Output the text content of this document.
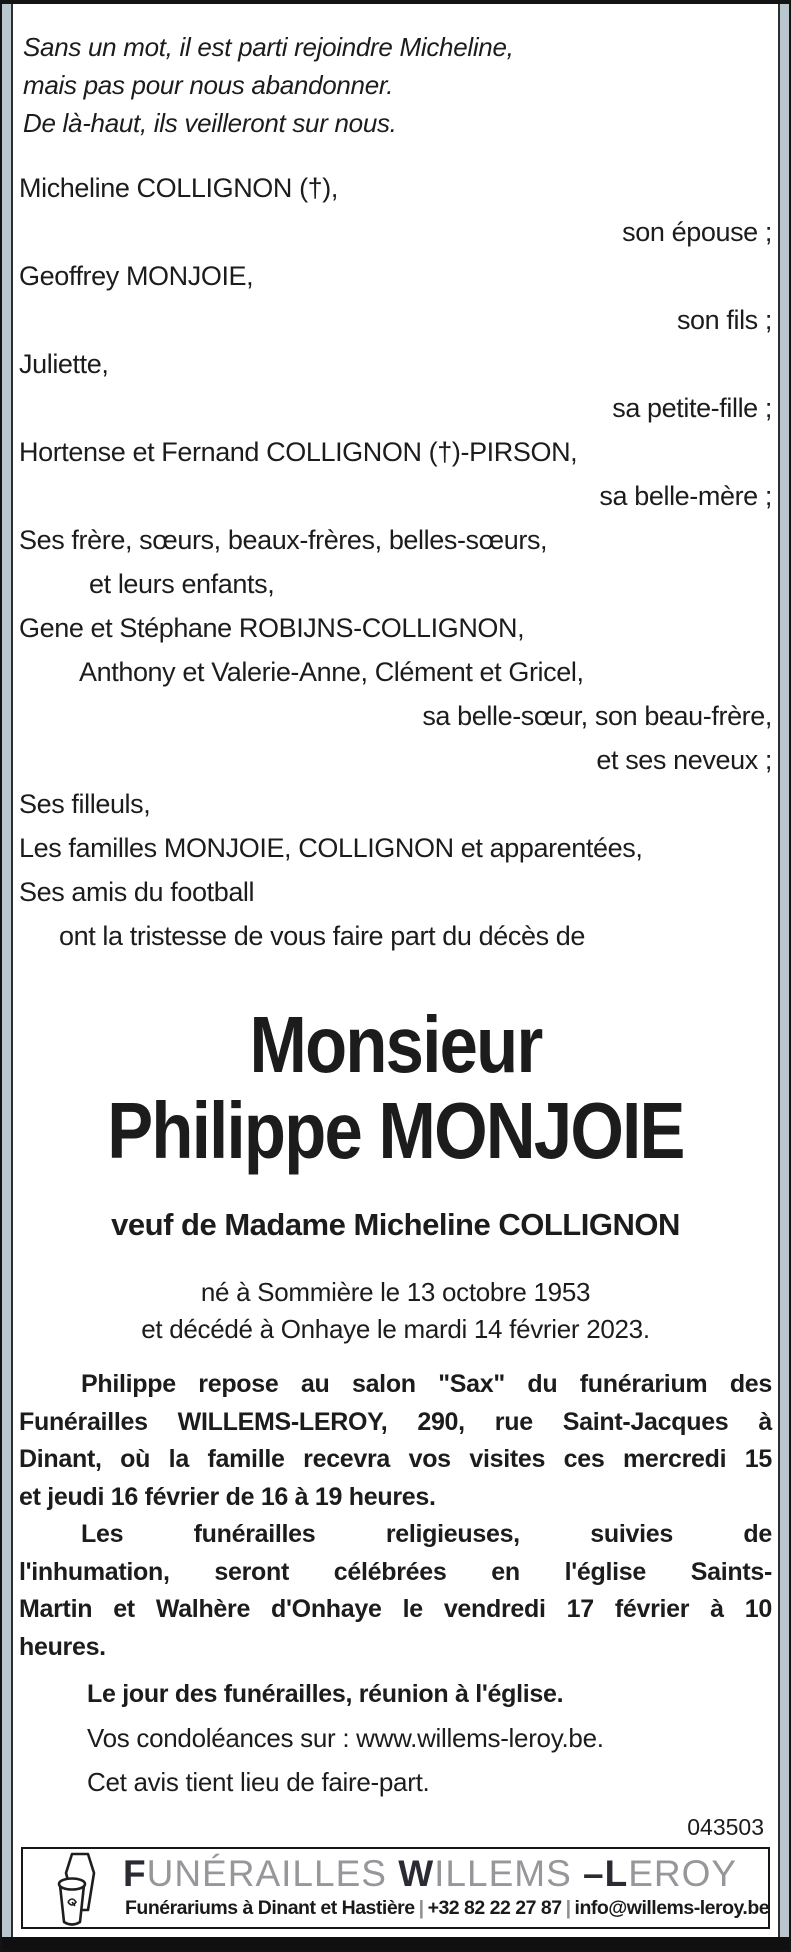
Sans un mot, il est parti rejoindre Micheline,
mais pas pour nous abandonner.
De là-haut, ils veilleront sur nous.
Micheline COLLIGNON (†),
son épouse ;
Geoffrey MONJOIE,
son fils ;
Juliette,
sa petite-fille ;
Hortense et Fernand COLLIGNON (†)-PIRSON,
sa belle-mère ;
Ses frère, sœurs, beaux-frères, belles-sœurs,
et leurs enfants,
Gene et Stéphane ROBIJNS-COLLIGNON,
Anthony et Valerie-Anne, Clément et Gricel,
sa belle-sœur, son beau-frère,
et ses neveux ;
Ses filleuls,
Les familles MONJOIE, COLLIGNON et apparentées,
Ses amis du football
ont la tristesse de vous faire part du décès de
Monsieur
Philippe MONJOIE
veuf de Madame Micheline COLLIGNON
né à Sommière le 13 octobre 1953
et décédé à Onhaye le mardi 14 février 2023.
Philippe repose au salon "Sax" du funérarium des
Funérailles WILLEMS-LEROY, 290, rue Saint-Jacques à
Dinant, où la famille recevra vos visites ces mercredi 15
et jeudi 16 février de 16 à 19 heures.
Les funérailles religieuses, suivies de
l'inhumation, seront célébrées en l'église Saints-
Martin et Walhère d'Onhaye le vendredi 17 février à 10
heures.
Le jour des funérailles, réunion à l'église.
Vos condoléances sur : www.willems-leroy.be.
Cet avis tient lieu de faire-part.
043503
FUNÉRAILLES WILLEMS –LEROY
Funérariums à Dinant et Hastière | +32 82 22 27 87 | info@willems-leroy.be
